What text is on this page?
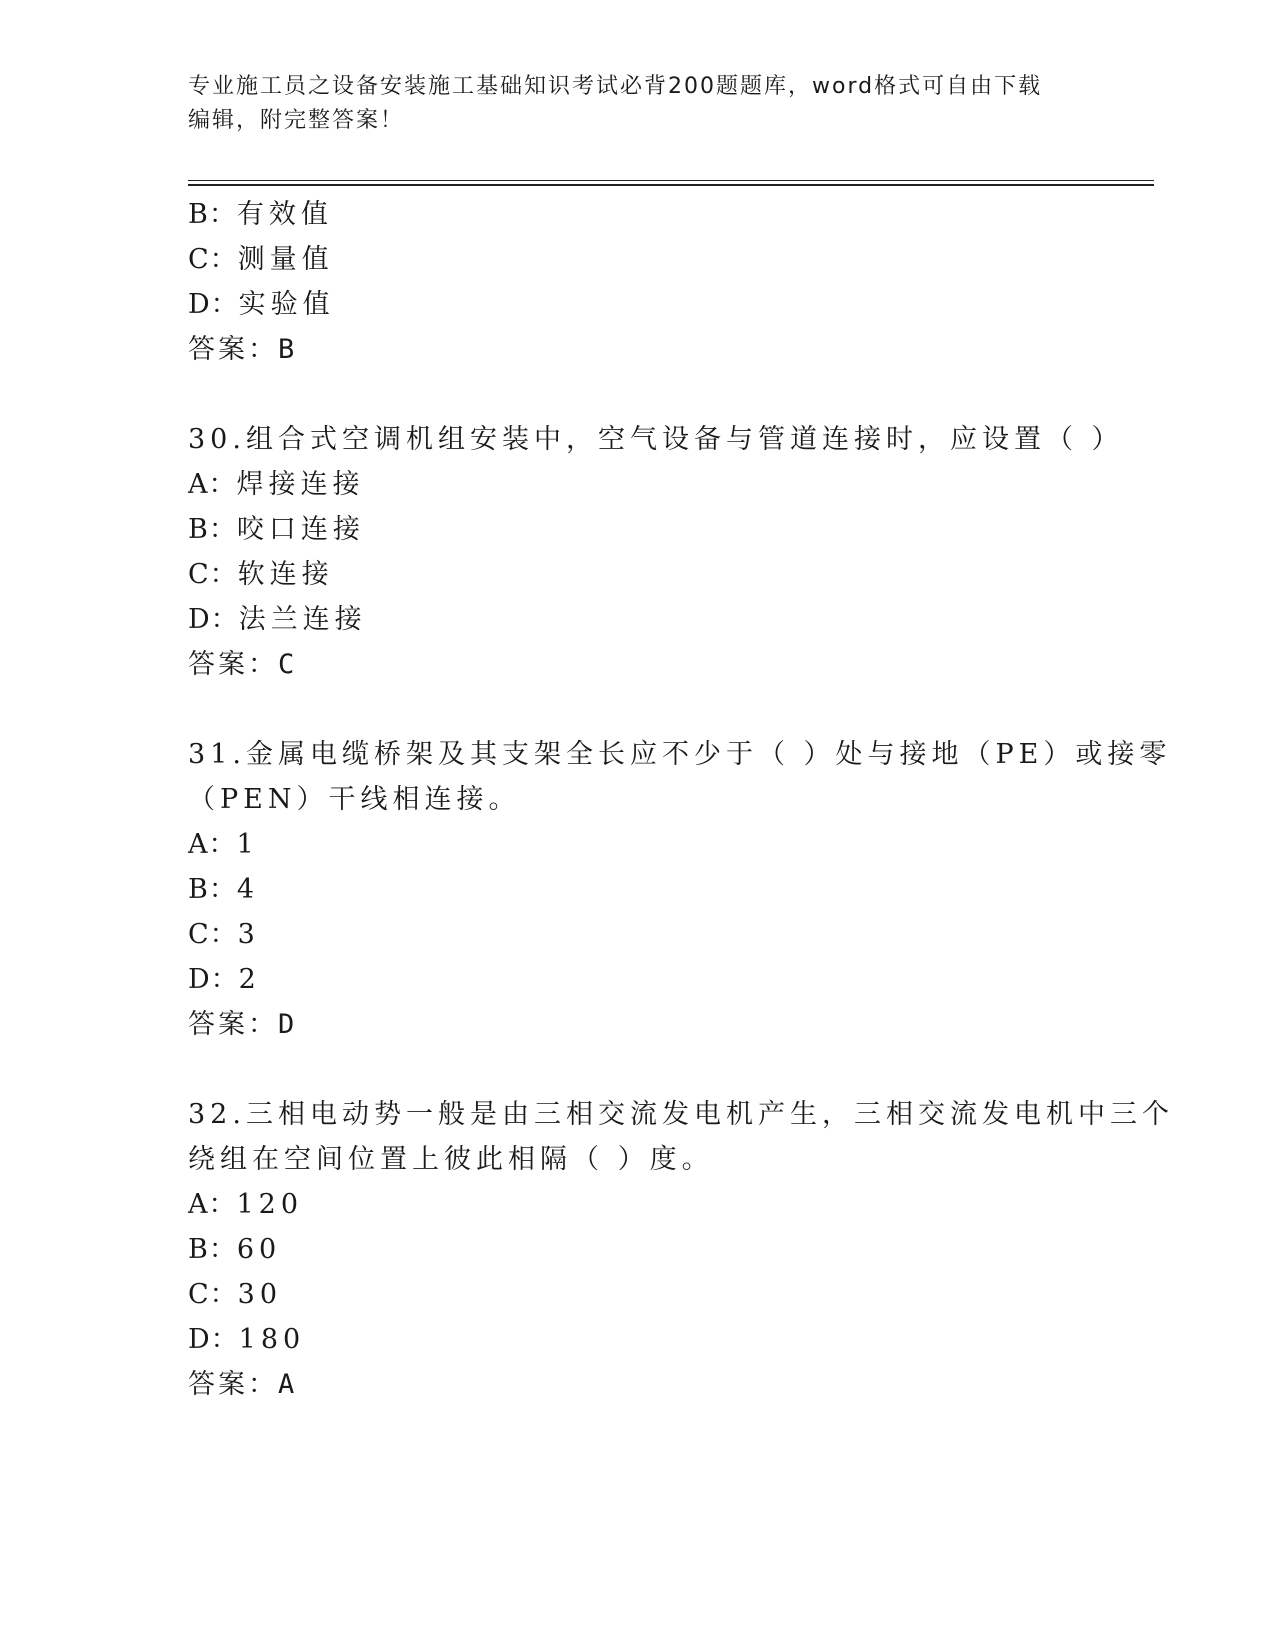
专业施工员之设备安装施工基础知识考试必背200题题库，word格式可自由下载
编辑，附完整答案！
B：有效值
C：测量值
D：实验值
答案：B
30.组合式空调机组安装中，空气设备与管道连接时，应设置（ ）
A：焊接连接
B：咬口连接
C：软连接
D：法兰连接
答案：C
31.金属电缆桥架及其支架全长应不少于（ ）处与接地（PE）或接零
（PEN）干线相连接。
A：1
B：4
C：3
D：2
答案：D
32.三相电动势一般是由三相交流发电机产生，三相交流发电机中三个
绕组在空间位置上彼此相隔（ ）度。
A：120
B：60
C：30
D：180
答案：A
